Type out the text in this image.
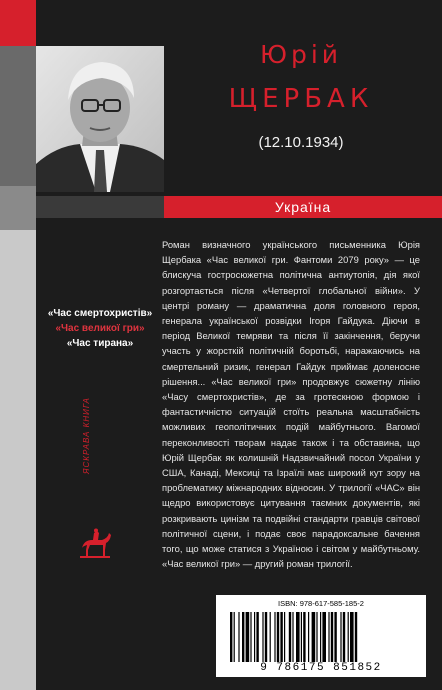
Юрій
ЩЕРБАК
(12.10.1934)
Україна
«Час смертохристів»
«Час великої гри»
«Час тирана»
ЯСКРАВА КНИГА
Роман визначного українського письменника Юрія Щербака «Час великої гри. Фантоми 2079 року» — це блискуча гостросюжетна політична антиутопія, дія якої розгортається після «Четвертої глобальної війни». У центрі роману — драматична доля головного героя, генерала української розвідки Ігоря Гайдука. Діючи в період Великої темряви та після її закінчення, беручи участь у жорсткій політичній боротьбі, наражаючись на смертельний ризик, генерал Гайдук приймає доленосне рішення... «Час великої гри» продовжує сюжетну лінію «Часу смертохристів», де за гротескною формою і фантастичністю ситуацій стоїть реальна масштабність можливих геополітичних подій майбутнього. Вагомої переконливості творам надає також і та обставина, що Юрій Щербак як колишній Надзвичайний посол України у США, Канаді, Мексиці та Ізраїлі має широкий кут зору на проблематику міжнародних відносин. У трилогії «ЧАС» він щедро використовує цитування таємних документів, які розкривають цинізм та подвійні стандарти гравців світової політичної сцени, і подає своє парадоксальне бачення того, що може статися з Україною і світом у майбутньому. «Час великої гри» — другий роман трилогії.
ISBN: 978-617-585-185-2
9 786175 851852
